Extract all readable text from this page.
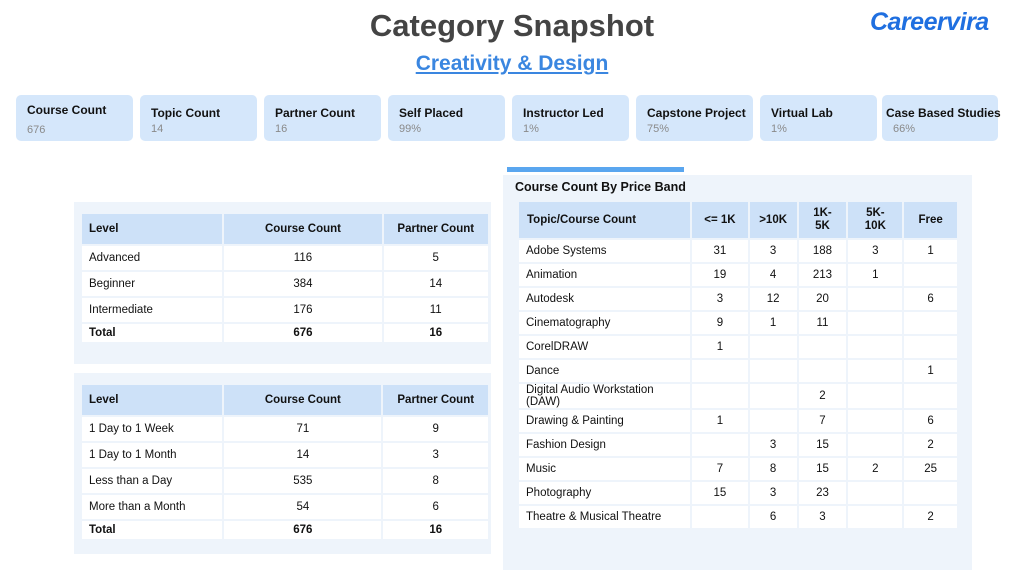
Category Snapshot
Creativity & Design
Careervira
Course Count
676
Topic Count
14
Partner Count
16
Self Placed
99%
Instructor Led
1%
Capstone Project
75%
Virtual Lab
1%
Case Based Studies
66%
Level	Course Count	Partner Count
Advanced	116	5
Beginner	384	14
Intermediate	176	11
Total	676	16
Level	Course Count	Partner Count
1 Day to 1 Week	71	9
1 Day to 1 Month	14	3
Less than a Day	535	8
More than a Month	54	6
Total	676	16
Course Count By Price Band
Topic/Course Count	<= 1K	>10K	1K-5K	5K-10K	Free
Adobe Systems	31	3	188	3	1
Animation	19	4	213	1	
Autodesk	3	12	20		6
Cinematography	9	1	11		
CorelDRAW	1				
Dance					1
Digital Audio Workstation (DAW)			2		
Drawing & Painting	1		7		6
Fashion Design		3	15		2
Music	7	8	15	2	25
Photography	15	3	23		
Theatre & Musical Theatre		6	3		2
